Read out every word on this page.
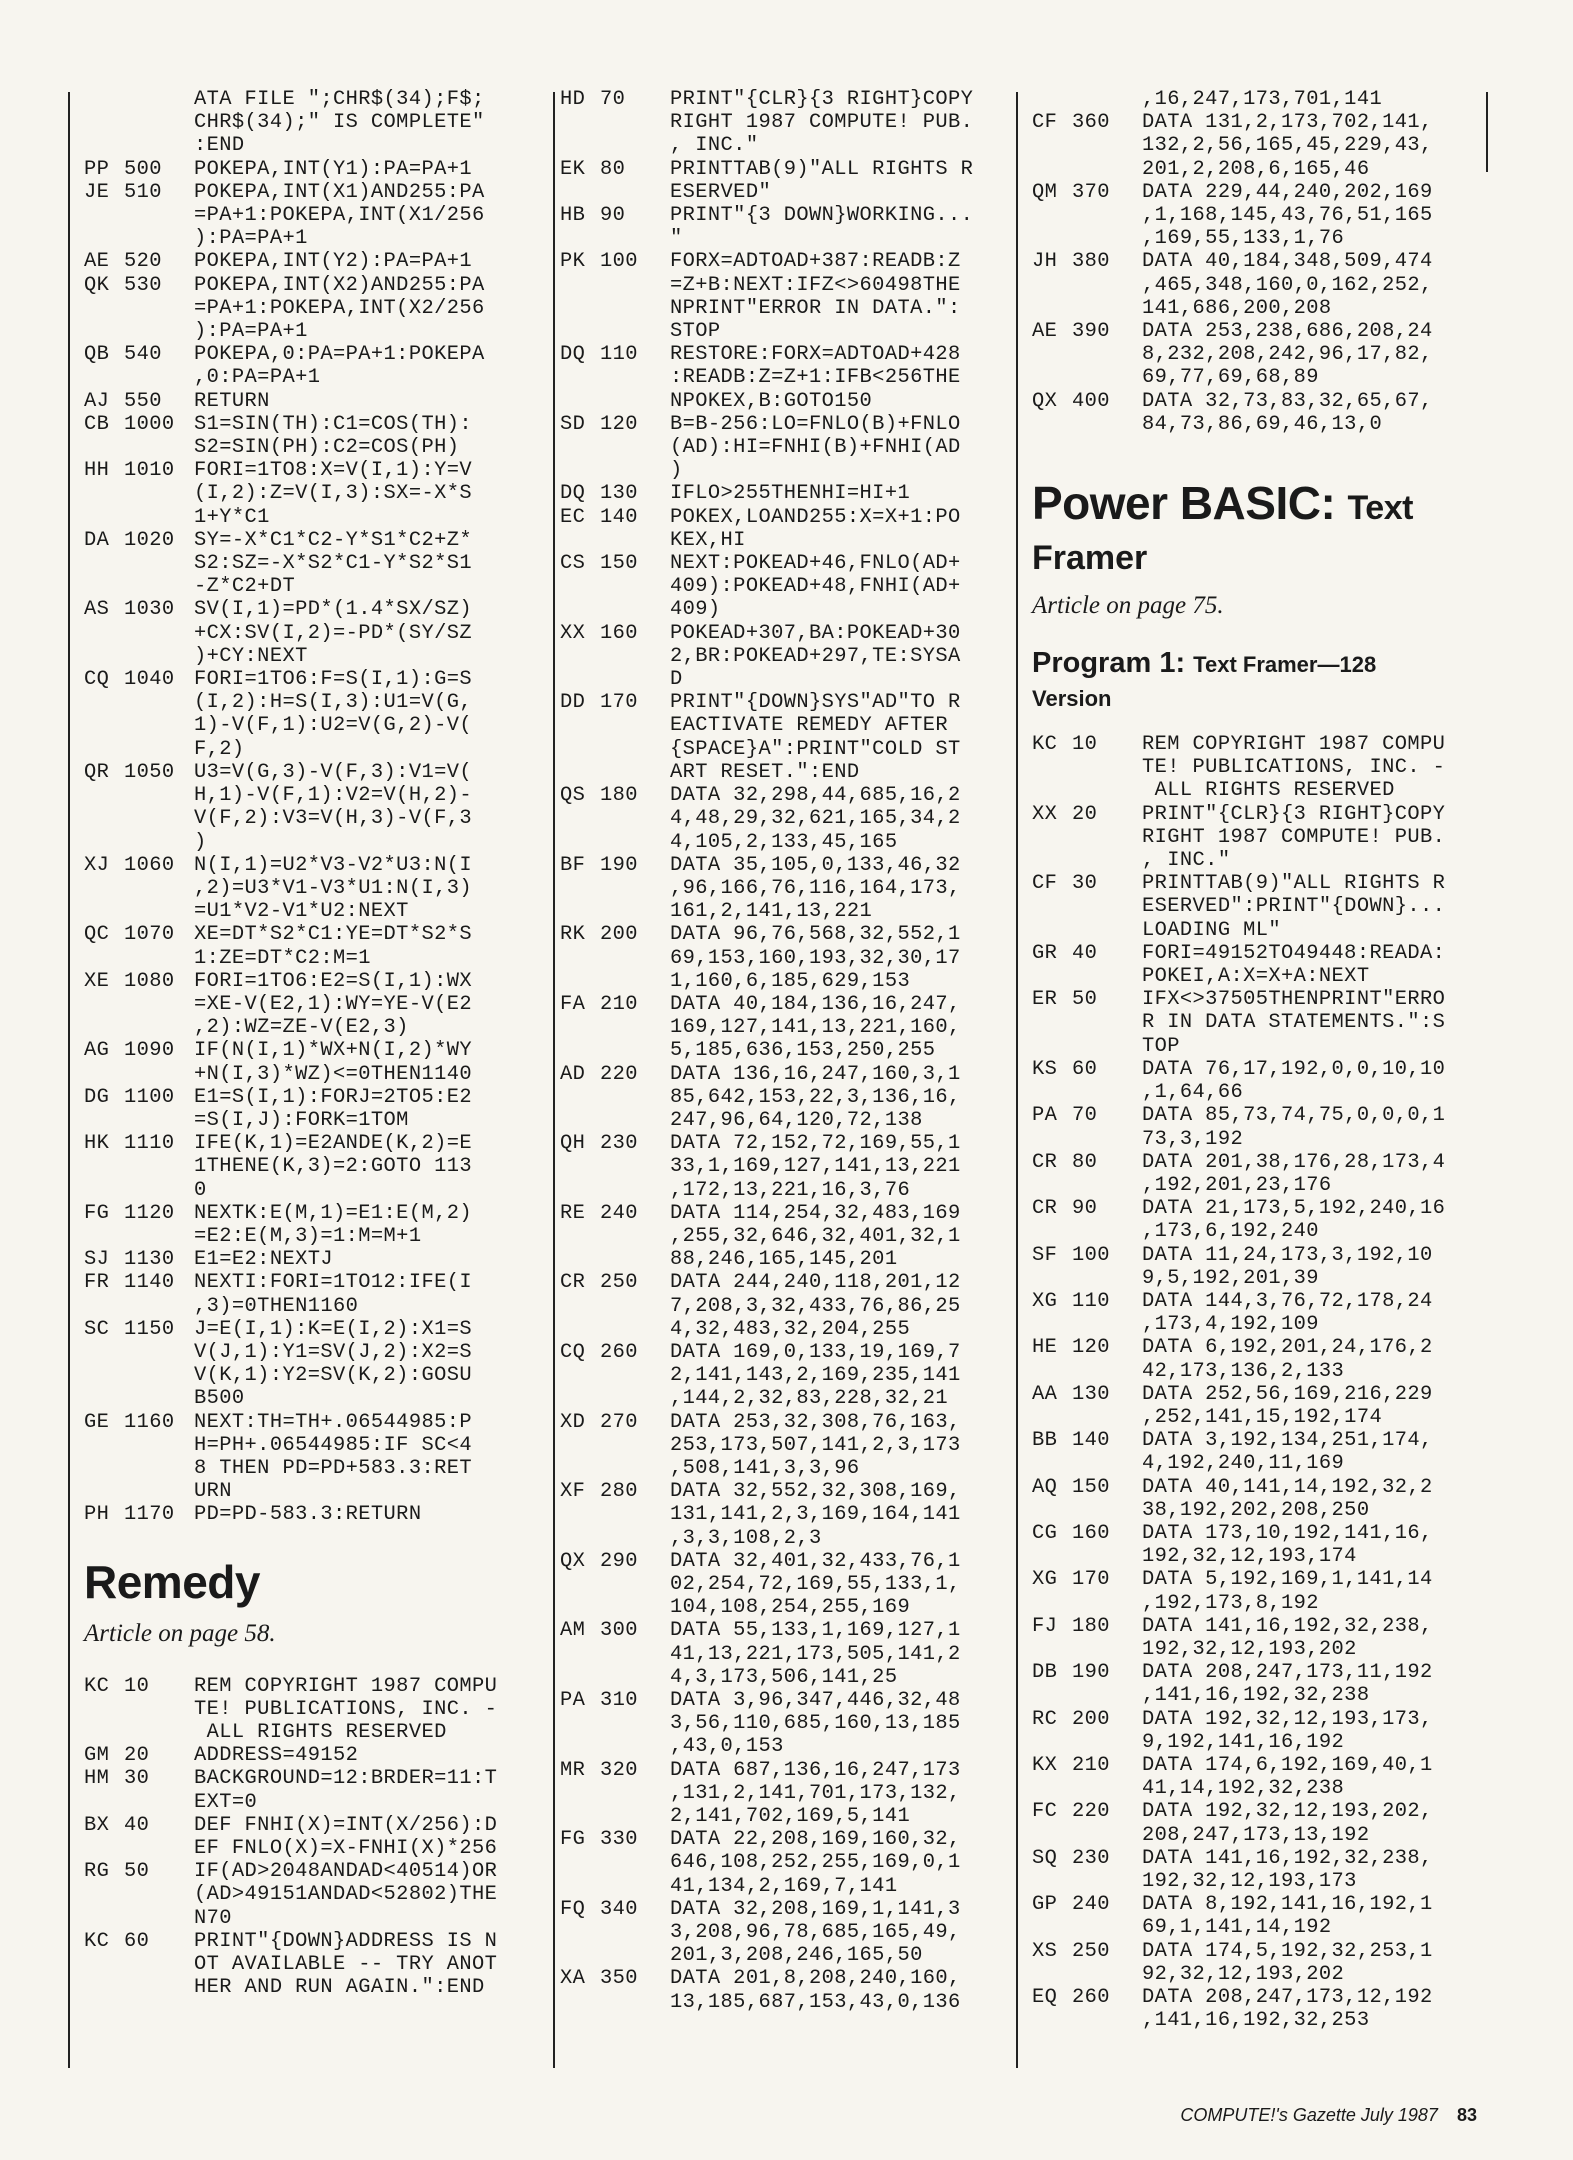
ATA FILE ";CHR$(34);F$;
CHR$(34);" IS COMPLETE"
:END
PP 500	POKEPA,INT(Y1):PA=PA+1
JE 510	POKEPA,INT(X1)AND255:PA
=PA+1:POKEPA,INT(X1/256
):PA=PA+1
AE 520	POKEPA,INT(Y2):PA=PA+1
QK 530	POKEPA,INT(X2)AND255:PA
=PA+1:POKEPA,INT(X2/256
):PA=PA+1
QB 540	POKEPA,0:PA=PA+1:POKEPA
,0:PA=PA+1
AJ 550	RETURN
CB 1000 S1=SIN(TH):C1=COS(TH):
S2=SIN(PH):C2=COS(PH)
HH 1010 FORI=1TO8:X=V(I,1):Y=V
(I,2):Z=V(I,3):SX=-X*S
1+Y*C1
DA 1020 SY=-X*C1*C2-Y*S1*C2+Z*
S2:SZ=-X*S2*C1-Y*S2*S1
-Z*C2+DT
AS 1030 SV(I,1)=PD*(1.4*SX/SZ)
+CX:SV(I,2)=-PD*(SY/SZ
)+CY:NEXT
CQ 1040 FORI=1TO6:F=S(I,1):G=S
(I,2):H=S(I,3):U1=V(G,
1)-V(F,1):U2=V(G,2)-V(
F,2)
QR 1050 U3=V(G,3)-V(F,3):V1=V(
H,1)-V(F,1):V2=V(H,2)-
V(F,2):V3=V(H,3)-V(F,3
)
XJ 1060 N(I,1)=U2*V3-V2*U3:N(I
,2)=U3*V1-V3*U1:N(I,3)
=U1*V2-V1*U2:NEXT
QC 1070 XE=DT*S2*C1:YE=DT*S2*S
1:ZE=DT*C2:M=1
XE 1080 FORI=1TO6:E2=S(I,1):WX
=XE-V(E2,1):WY=YE-V(E2
,2):WZ=ZE-V(E2,3)
AG 1090 IF(N(I,1)*WX+N(I,2)*WY
+N(I,3)*WZ)<=0THEN1140
DG 1100 E1=S(I,1):FORJ=2TO5:E2
=S(I,J):FORK=1TOM
HK 1110 IFE(K,1)=E2ANDE(K,2)=E
1THENE(K,3)=2:GOTO 113
0
FG 1120 NEXTK:E(M,1)=E1:E(M,2)
=E2:E(M,3)=1:M=M+1
SJ 1130 E1=E2:NEXTJ
FR 1140 NEXTI:FORI=1TO12:IFE(I
,3)=0THEN1160
SC 1150 J=E(I,1):K=E(I,2):X1=S
V(J,1):Y1=SV(J,2):X2=S
V(K,1):Y2=SV(K,2):GOSU
B500
GE 1160 NEXT:TH=TH+.06544985:P
H=PH+.06544985:IF SC<4
8 THEN PD=PD+583.3:RET
URN
PH 1170 PD=PD-583.3:RETURN
Remedy
Article on page 58.
KC 10	REM COPYRIGHT 1987 COMPU
TE! PUBLICATIONS, INC. -
ALL RIGHTS RESERVED
GM 20	ADDRESS=49152
HM 30	BACKGROUND=12:BRDER=11:T
EXT=0
BX 40	DEF FNHI(X)=INT(X/256):D
EF FNLO(X)=X-FNHI(X)*256
RG 50	IF(AD>2048ANDAD<40514)OR
(AD>49151ANDAD<52802)THE
N70
KC 60	PRINT"{DOWN}ADDRESS IS N
OT AVAILABLE -- TRY ANOT
HER AND RUN AGAIN.":END
HD 70	PRINT"{CLR}{3 RIGHT}COPY
RIGHT 1987 COMPUTE! PUB.
, INC."
EK 80	PRINTTAB(9)"ALL RIGHTS R
ESERVED"
HB 90	PRINT"{3 DOWN}WORKING...
"
PK 100	FORX=ADTOAD+387:READB:Z
=Z+B:NEXT:IFZ<>60498THE
NPRINT"ERROR IN DATA.":
STOP
DQ 110	RESTORE:FORX=ADTOAD+428
:READB:Z=Z+1:IFB<256THE
NPOKEX,B:GOTO150
SD 120	B=B-256:LO=FNLO(B)+FNLO
(AD):HI=FNHI(B)+FNHI(AD
)
DQ 130	IFLO>255THENHI=HI+1
EC 140	POKEX,LOAND255:X=X+1:PO
KEX,HI
CS 150	NEXT:POKEAD+46,FNLO(AD+
409):POKEAD+48,FNHI(AD+
409)
XX 160	POKEAD+307,BA:POKEAD+30
2,BR:POKEAD+297,TE:SYSA
D
DD 170	PRINT"{DOWN}SYS"AD"TO R
EACTIVATE REMEDY AFTER
{SPACE}A":PRINT"COLD ST
ART RESET.":END
QS 180	DATA 32,298,44,685,16,2
4,48,29,32,621,165,34,2
4,105,2,133,45,165
BF 190	DATA 35,105,0,133,46,32
,96,166,76,116,164,173,
161,2,141,13,221
RK 200	DATA 96,76,568,32,552,1
69,153,160,193,32,30,17
1,160,6,185,629,153
FA 210	DATA 40,184,136,16,247,
169,127,141,13,221,160,
5,185,636,153,250,255
AD 220	DATA 136,16,247,160,3,1
85,642,153,22,3,136,16,
247,96,64,120,72,138
QH 230	DATA 72,152,72,169,55,1
33,1,169,127,141,13,221
,172,13,221,16,3,76
RE 240	DATA 114,254,32,483,169
,255,32,646,32,401,32,1
88,246,165,145,201
CR 250	DATA 244,240,118,201,12
7,208,3,32,433,76,86,25
4,32,483,32,204,255
CQ 260	DATA 169,0,133,19,169,7
2,141,143,2,169,235,141
,144,2,32,83,228,32,21
XD 270	DATA 253,32,308,76,163,
253,173,507,141,2,3,173
,508,141,3,3,96
XF 280	DATA 32,552,32,308,169,
131,141,2,3,169,164,141
,3,3,108,2,3
QX 290	DATA 32,401,32,433,76,1
02,254,72,169,55,133,1,
104,108,254,255,169
AM 300	DATA 55,133,1,169,127,1
41,13,221,173,505,141,2
4,3,173,506,141,25
PA 310	DATA 3,96,347,446,32,48
3,56,110,685,160,13,185
,43,0,153
MR 320	DATA 687,136,16,247,173
,131,2,141,701,173,132,
2,141,702,169,5,141
FG 330	DATA 22,208,169,160,32,
646,108,252,255,169,0,1
41,134,2,169,7,141
FQ 340	DATA 32,208,169,1,141,3
3,208,96,78,685,165,49,
201,3,208,246,165,50
XA 350	DATA 201,8,208,240,160,
13,185,687,153,43,0,136
,16,247,173,701,141
CF 360	DATA 131,2,173,702,141,
132,2,56,165,45,229,43,
201,2,208,6,165,46
QM 370	DATA 229,44,240,202,169
,1,168,145,43,76,51,165
,169,55,133,1,76
JH 380	DATA 40,184,348,509,474
,465,348,160,0,162,252,
141,686,200,208
AE 390	DATA 253,238,686,208,24
8,232,208,242,96,17,82,
69,77,69,68,89
QX 400	DATA 32,73,83,32,65,67,
84,73,86,69,46,13,0
Power BASIC: Text
Framer
Article on page 75.
Program 1: Text Framer—128
Version
KC 10	REM COPYRIGHT 1987 COMPU
TE! PUBLICATIONS, INC. -
ALL RIGHTS RESERVED
XX 20	PRINT"{CLR}{3 RIGHT}COPY
RIGHT 1987 COMPUTE! PUB.
, INC."
CF 30	PRINTTAB(9)"ALL RIGHTS R
ESERVED":PRINT"{DOWN}...
LOADING ML"
GR 40	FORI=49152TO49448:READA:
POKEI,A:X=X+A:NEXT
ER 50	IFX<>37505THENPRINT"ERRO
R IN DATA STATEMENTS.":S
TOP
KS 60	DATA 76,17,192,0,0,10,10
,1,64,66
PA 70	DATA 85,73,74,75,0,0,0,1
73,3,192
CR 80	DATA 201,38,176,28,173,4
,192,201,23,176
CR 90	DATA 21,173,5,192,240,16
,173,6,192,240
SF 100	DATA 11,24,173,3,192,10
9,5,192,201,39
XG 110	DATA 144,3,76,72,178,24
,173,4,192,109
HE 120	DATA 6,192,201,24,176,2
42,173,136,2,133
AA 130	DATA 252,56,169,216,229
,252,141,15,192,174
BB 140	DATA 3,192,134,251,174,
4,192,240,11,169
AQ 150	DATA 40,141,14,192,32,2
38,192,202,208,250
CG 160	DATA 173,10,192,141,16,
192,32,12,193,174
XG 170	DATA 5,192,169,1,141,14
,192,173,8,192
FJ 180	DATA 141,16,192,32,238,
192,32,12,193,202
DB 190	DATA 208,247,173,11,192
,141,16,192,32,238
RC 200	DATA 192,32,12,193,173,
9,192,141,16,192
KX 210	DATA 174,6,192,169,40,1
41,14,192,32,238
FC 220	DATA 192,32,12,193,202,
208,247,173,13,192
SQ 230	DATA 141,16,192,32,238,
192,32,12,193,173
GP 240	DATA 8,192,141,16,192,1
69,1,141,14,192
XS 250	DATA 174,5,192,32,253,1
92,32,12,193,202
EQ 260	DATA 208,247,173,12,192
,141,16,192,32,253
COMPUTE!'s Gazette July 1987 83
